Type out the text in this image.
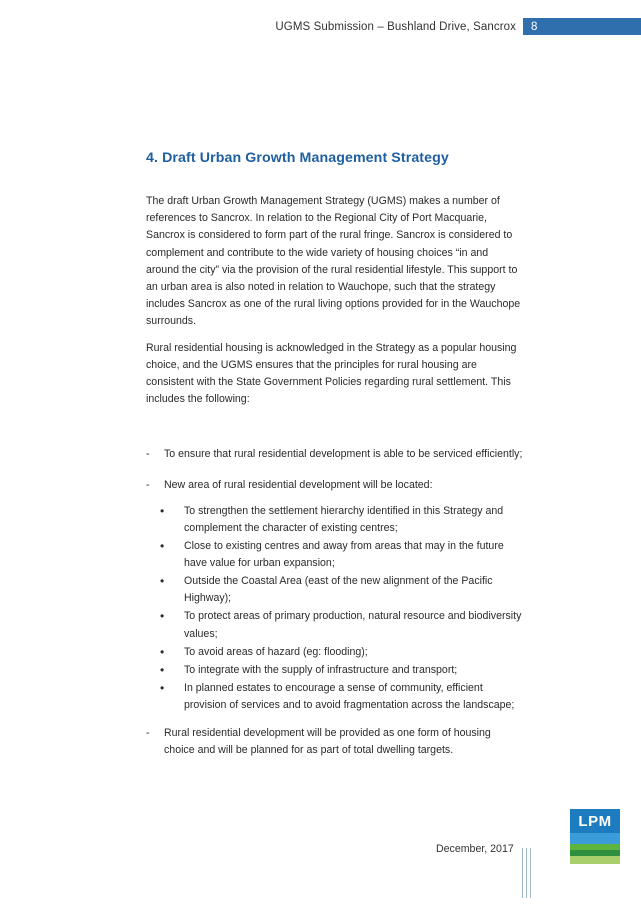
UGMS Submission – Bushland Drive, Sancrox	8
4. Draft Urban Growth Management Strategy

The draft Urban Growth Management Strategy (UGMS) makes a number of references to Sancrox. In relation to the Regional City of Port Macquarie, Sancrox is considered to form part of the rural fringe. Sancrox is considered to complement and contribute to the wide variety of housing choices “in and around the city” via the provision of the rural residential lifestyle. This support to an urban area is also noted in relation to Wauchope, such that the strategy includes Sancrox as one of the rural living options provided for in the Wauchope surrounds.

Rural residential housing is acknowledged in the Strategy as a popular housing choice, and the UGMS ensures that the principles for rural housing are consistent with the State Government Policies regarding rural settlement. This includes the following:

- To ensure that rural residential development is able to be serviced efficiently;

- New area of rural residential development will be located:

• To strengthen the settlement hierarchy identified in this Strategy and complement the character of existing centres;
• Close to existing centres and away from areas that may in the future have value for urban expansion;
• Outside the Coastal Area (east of the new alignment of the Pacific Highway);
• To protect areas of primary production, natural resource and biodiversity values;
• To avoid areas of hazard (eg: flooding);
• To integrate with the supply of infrastructure and transport;
• In planned estates to encourage a sense of community, efficient provision of services and to avoid fragmentation across the landscape;

- Rural residential development will be provided as one form of housing choice and will be planned for as part of total dwelling targets.

LPM
December, 2017
